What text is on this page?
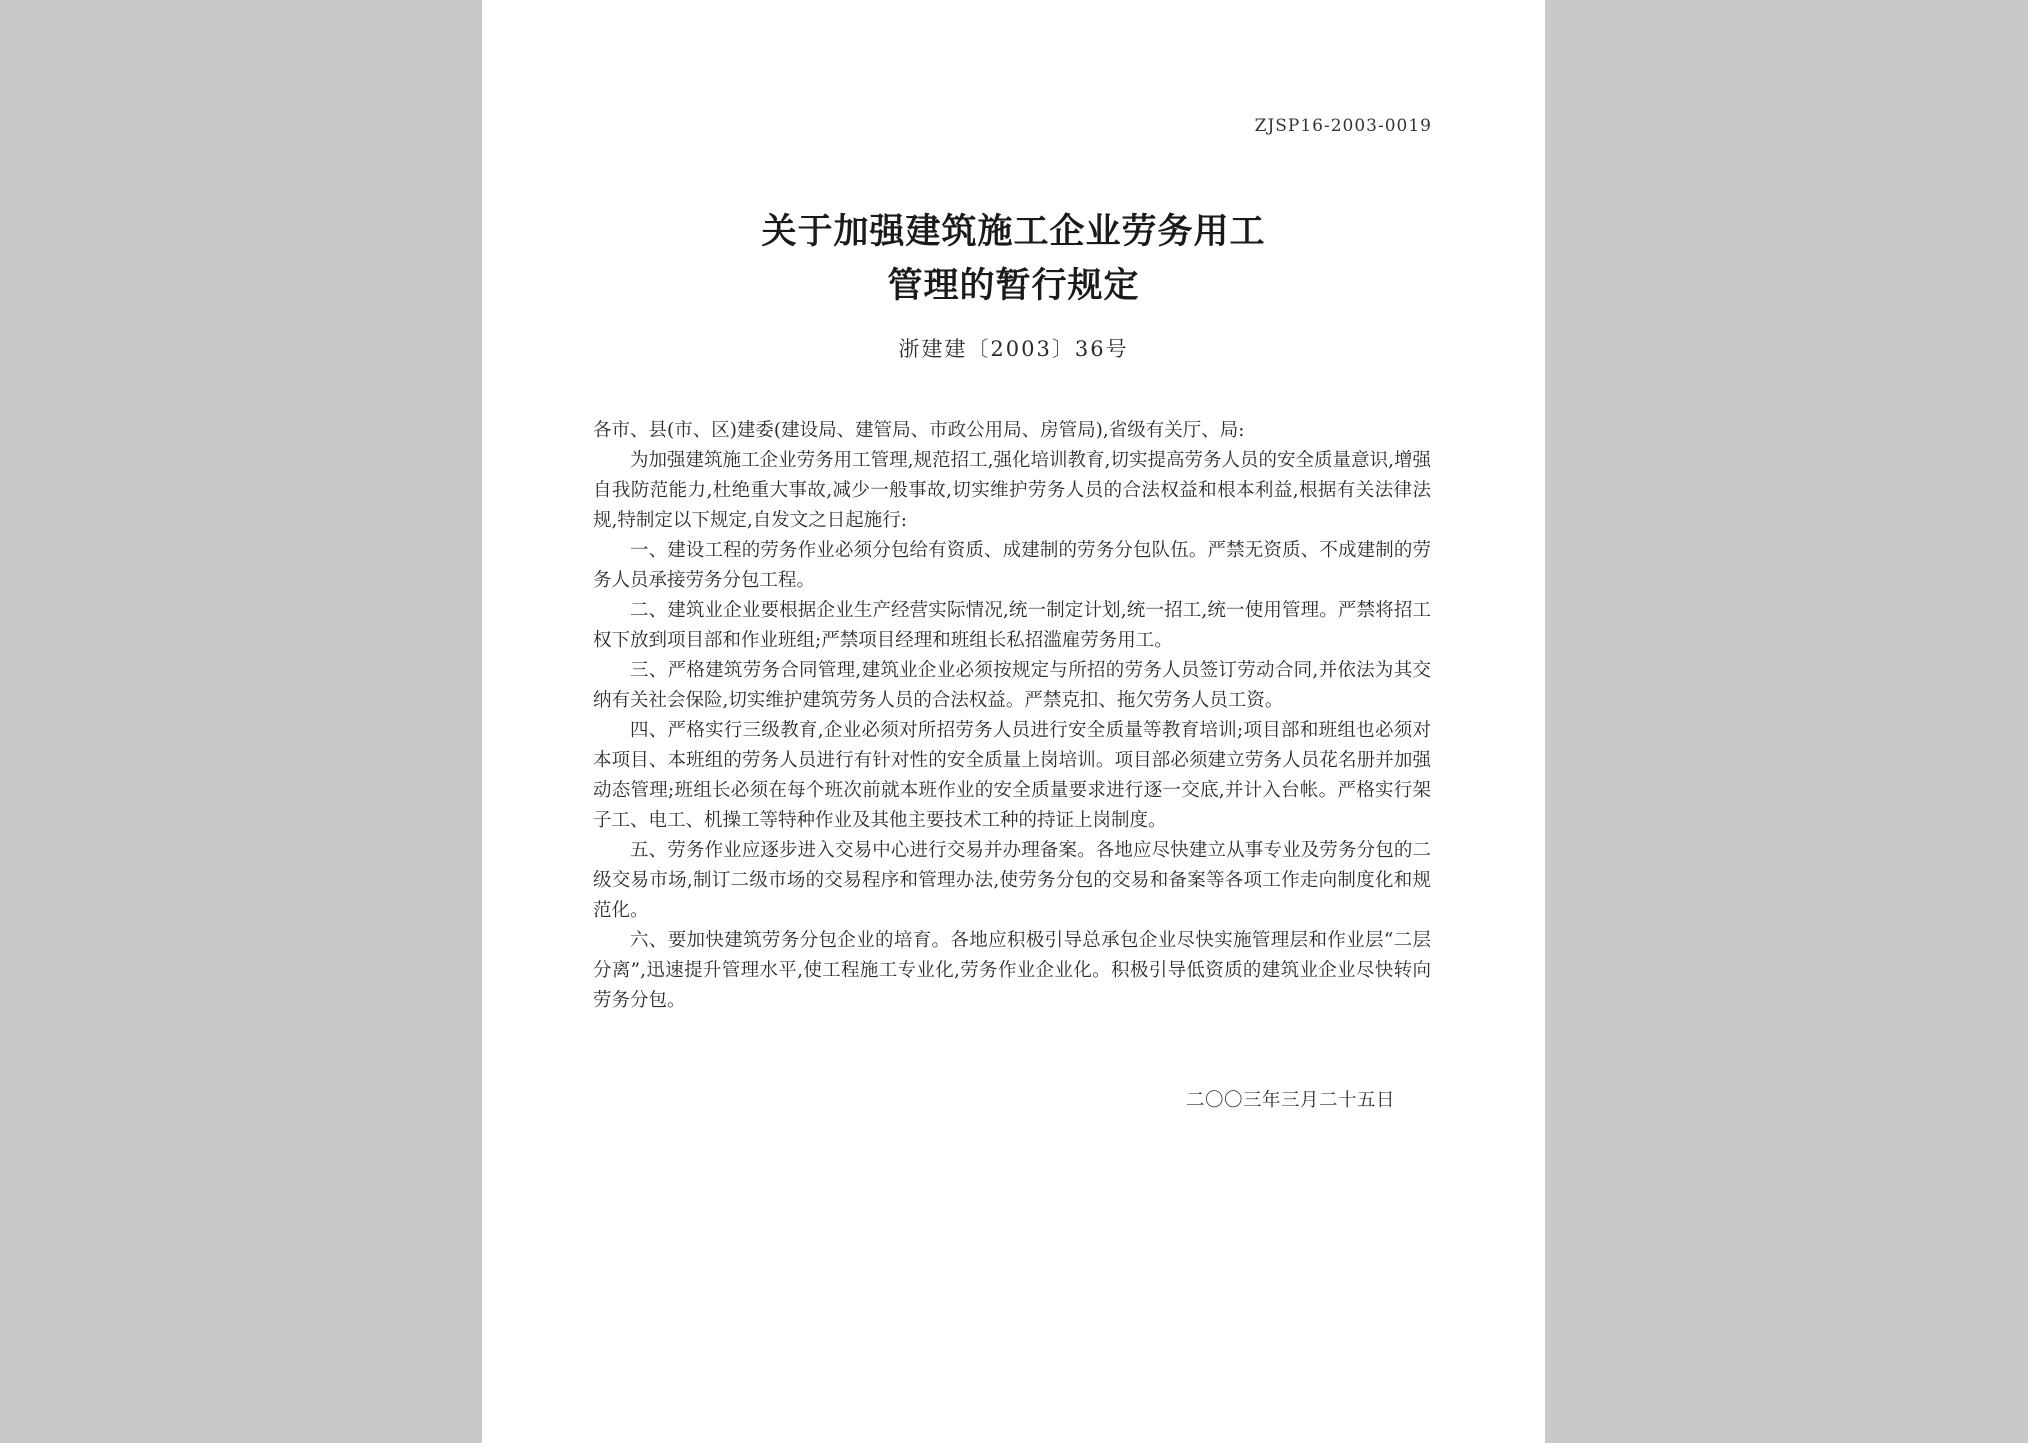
ZJSP16-2003-0019
关于加强建筑施工企业劳务用工
管理的暂行规定
浙建建〔2003〕36号

各市、县(市、区)建委(建设局、建管局、市政公用局、房管局),省级有关厅、局:

为加强建筑施工企业劳务用工管理,规范招工,强化培训教育,切实提高劳务人员的安全质量意识,增强自我防范能力,杜绝重大事故,减少一般事故,切实维护劳务人员的合法权益和根本利益,根据有关法律法规,特制定以下规定,自发文之日起施行:

一、建设工程的劳务作业必须分包给有资质、成建制的劳务分包队伍。严禁无资质、不成建制的劳务人员承接劳务分包工程。

二、建筑业企业要根据企业生产经营实际情况,统一制定计划,统一招工,统一使用管理。严禁将招工权下放到项目部和作业班组;严禁项目经理和班组长私招滥雇劳务用工。

三、严格建筑劳务合同管理,建筑业企业必须按规定与所招的劳务人员签订劳动合同,并依法为其交纳有关社会保险,切实维护建筑劳务人员的合法权益。严禁克扣、拖欠劳务人员工资。

四、严格实行三级教育,企业必须对所招劳务人员进行安全质量等教育培训;项目部和班组也必须对本项目、本班组的劳务人员进行有针对性的安全质量上岗培训。项目部必须建立劳务人员花名册并加强动态管理;班组长必须在每个班次前就本班作业的安全质量要求进行逐一交底,并计入台帐。严格实行架子工、电工、机操工等特种作业及其他主要技术工种的持证上岗制度。

五、劳务作业应逐步进入交易中心进行交易并办理备案。各地应尽快建立从事专业及劳务分包的二级交易市场,制订二级市场的交易程序和管理办法,使劳务分包的交易和备案等各项工作走向制度化和规范化。

六、要加快建筑劳务分包企业的培育。各地应积极引导总承包企业尽快实施管理层和作业层“二层分离”,迅速提升管理水平,使工程施工专业化,劳务作业企业化。积极引导低资质的建筑业企业尽快转向劳务分包。

二〇〇三年三月二十五日
